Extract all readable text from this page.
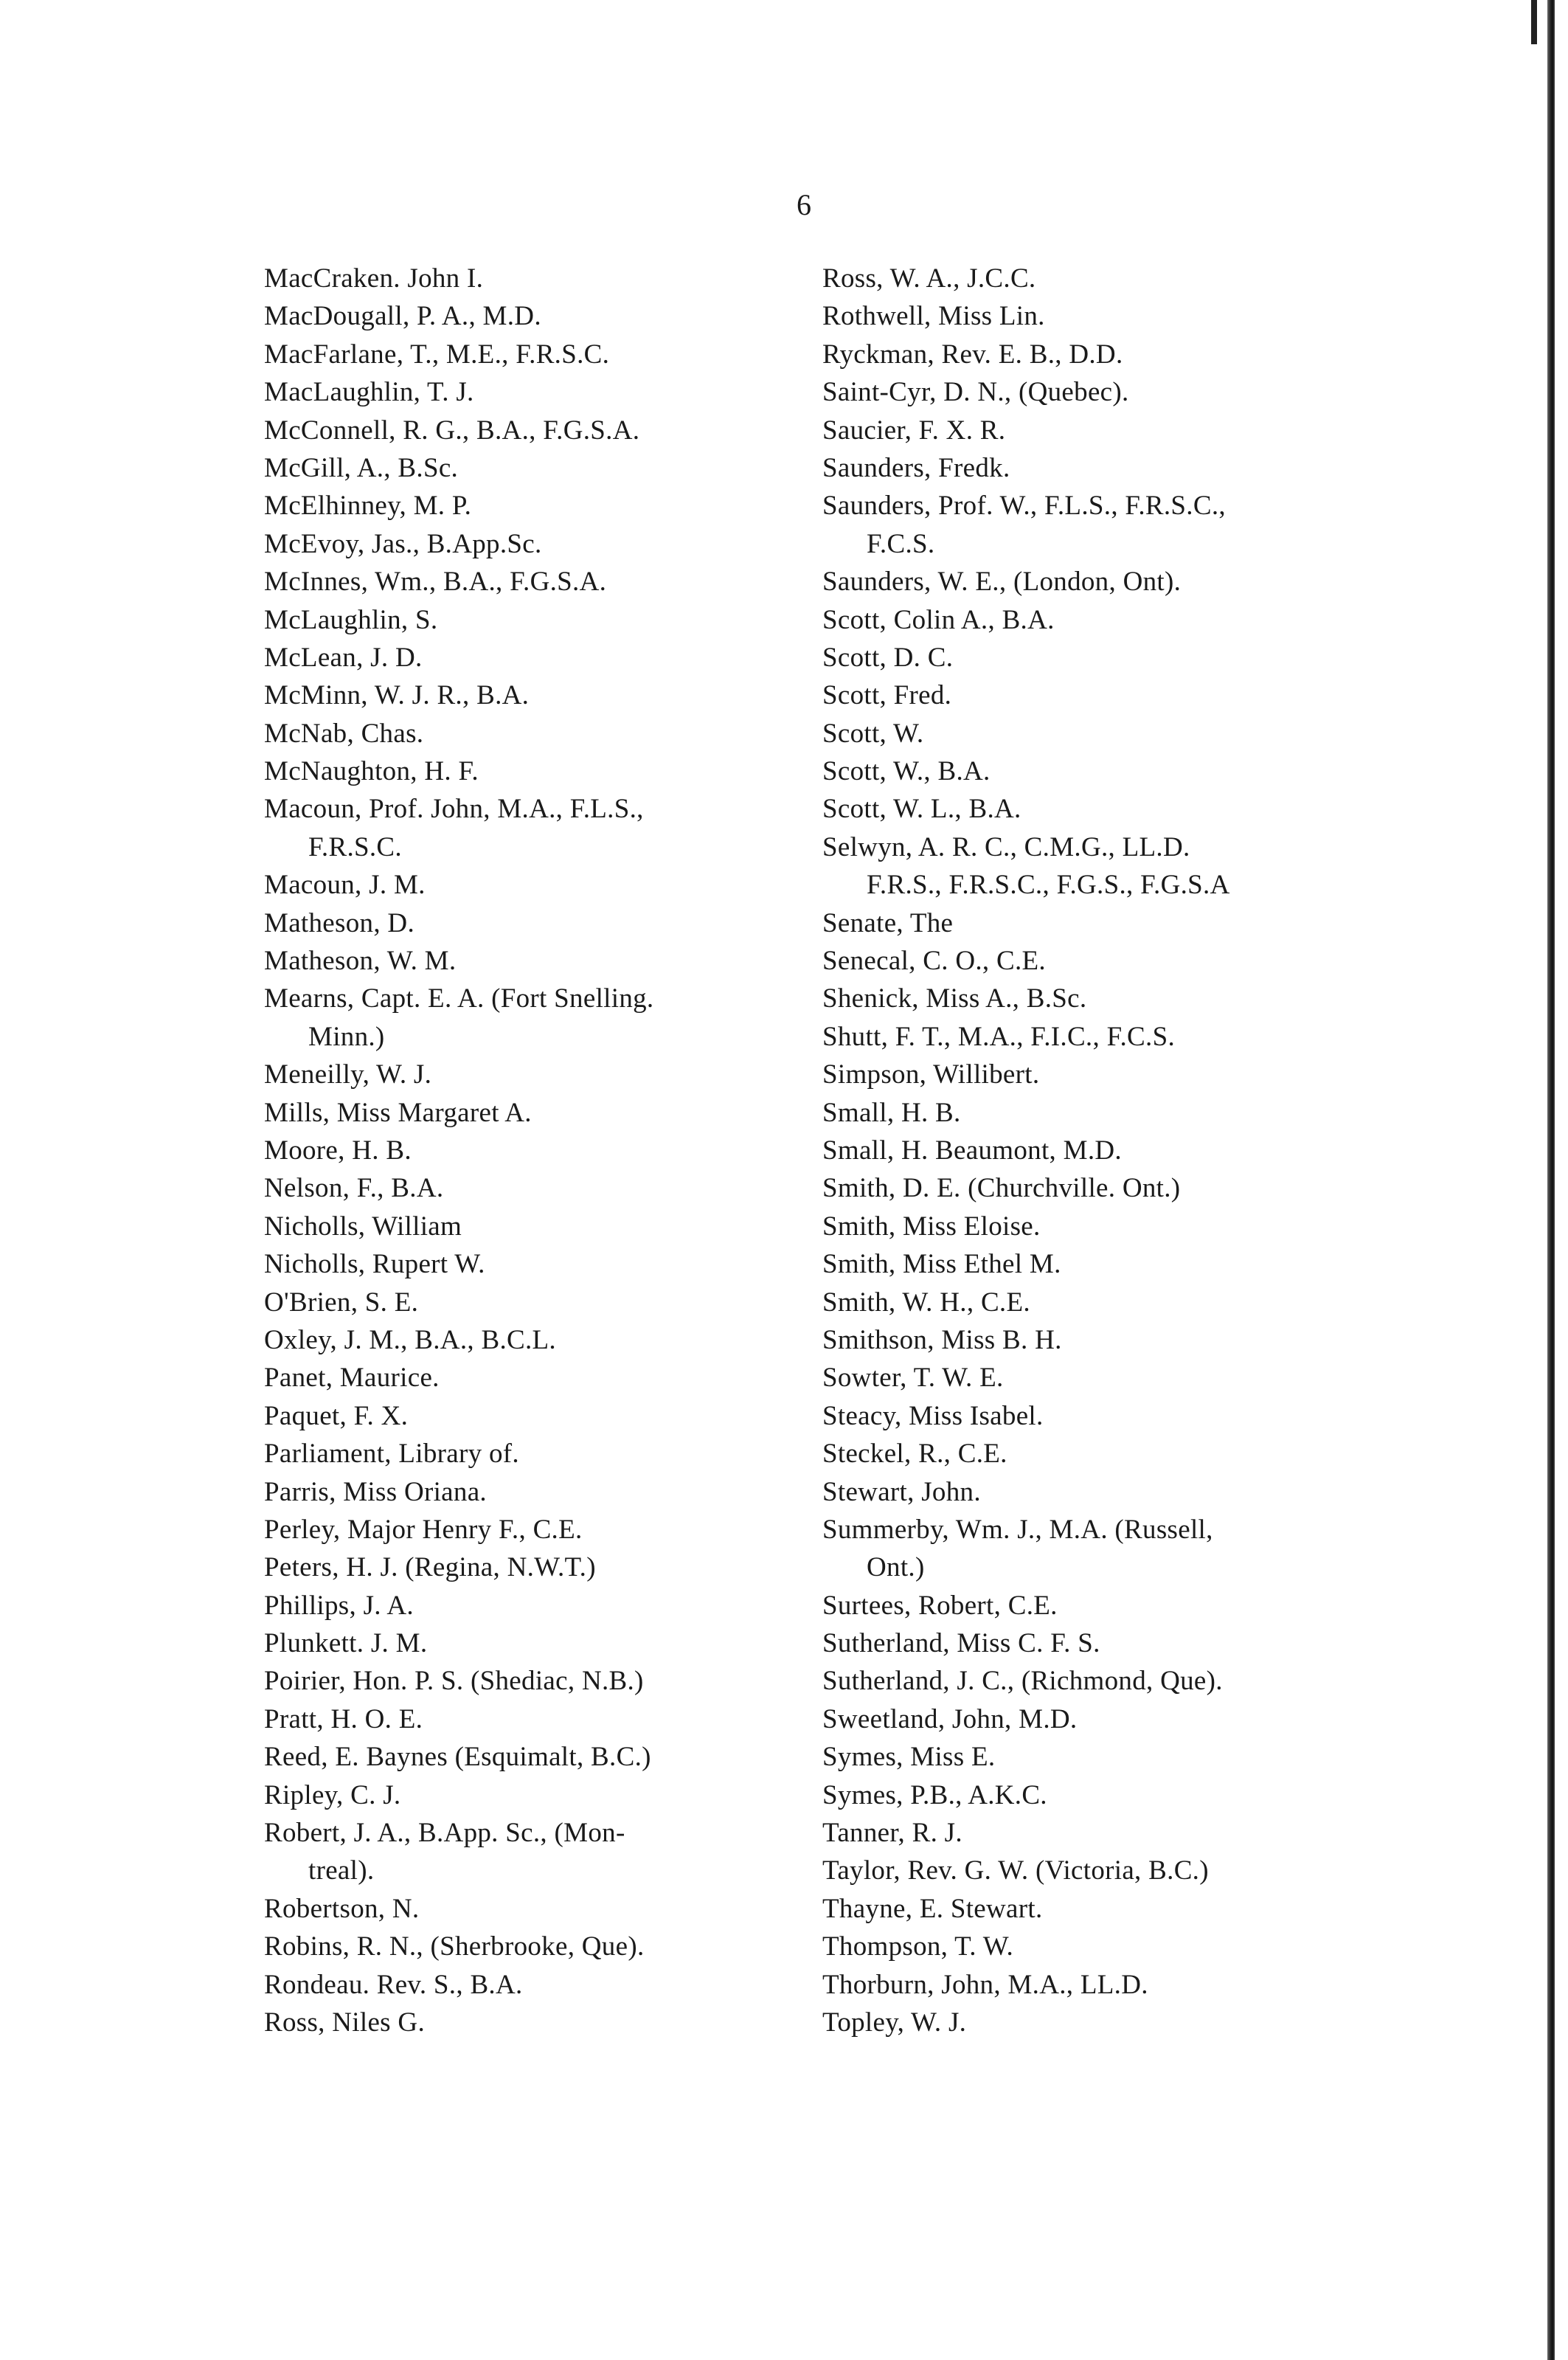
6
MacCraken. John I.
MacDougall, P. A., M.D.
MacFarlane, T., M.E., F.R.S.C.
MacLaughlin, T. J.
McConnell, R. G., B.A., F.G.S.A.
McGill, A., B.Sc.
McElhinney, M. P.
McEvoy, Jas., B.App.Sc.
McInnes, Wm., B.A., F.G.S.A.
McLaughlin, S.
McLean, J. D.
McMinn, W. J. R., B.A.
McNab, Chas.
McNaughton, H. F.
Macoun, Prof. John, M.A., F.L.S.,
F.R.S.C.
Macoun, J. M.
Matheson, D.
Matheson, W. M.
Mearns, Capt. E. A. (Fort Snelling.
Minn.)
Meneilly, W. J.
Mills, Miss Margaret A.
Moore, H. B.
Nelson, F., B.A.
Nicholls, William
Nicholls, Rupert W.
O'Brien, S. E.
Oxley, J. M., B.A., B.C.L.
Panet, Maurice.
Paquet, F. X.
Parliament, Library of.
Parris, Miss Oriana.
Perley, Major Henry F., C.E.
Peters, H. J. (Regina, N.W.T.)
Phillips, J. A.
Plunkett. J. M.
Poirier, Hon. P. S. (Shediac, N.B.)
Pratt, H. O. E.
Reed, E. Baynes (Esquimalt, B.C.)
Ripley, C. J.
Robert, J. A., B.App. Sc., (Mon-
treal).
Robertson, N.
Robins, R. N., (Sherbrooke, Que).
Rondeau. Rev. S., B.A.
Ross, Niles G.
Ross, W. A., J.C.C.
Rothwell, Miss Lin.
Ryckman, Rev. E. B., D.D.
Saint-Cyr, D. N., (Quebec).
Saucier, F. X. R.
Saunders, Fredk.
Saunders, Prof. W., F.L.S., F.R.S.C.,
F.C.S.
Saunders, W. E., (London, Ont).
Scott, Colin A., B.A.
Scott, D. C.
Scott, Fred.
Scott, W.
Scott, W., B.A.
Scott, W. L., B.A.
Selwyn, A. R. C., C.M.G., LL.D.
F.R.S., F.R.S.C., F.G.S., F.G.S.A
Senate, The
Senecal, C. O., C.E.
Shenick, Miss A., B.Sc.
Shutt, F. T., M.A., F.I.C., F.C.S.
Simpson, Willibert.
Small, H. B.
Small, H. Beaumont, M.D.
Smith, D. E. (Churchville. Ont.)
Smith, Miss Eloise.
Smith, Miss Ethel M.
Smith, W. H., C.E.
Smithson, Miss B. H.
Sowter, T. W. E.
Steacy, Miss Isabel.
Steckel, R., C.E.
Stewart, John.
Summerby, Wm. J., M.A. (Russell,
Ont.)
Surtees, Robert, C.E.
Sutherland, Miss C. F. S.
Sutherland, J. C., (Richmond, Que).
Sweetland, John, M.D.
Symes, Miss E.
Symes, P.B., A.K.C.
Tanner, R. J.
Taylor, Rev. G. W. (Victoria, B.C.)
Thayne, E. Stewart.
Thompson, T. W.
Thorburn, John, M.A., LL.D.
Topley, W. J.
